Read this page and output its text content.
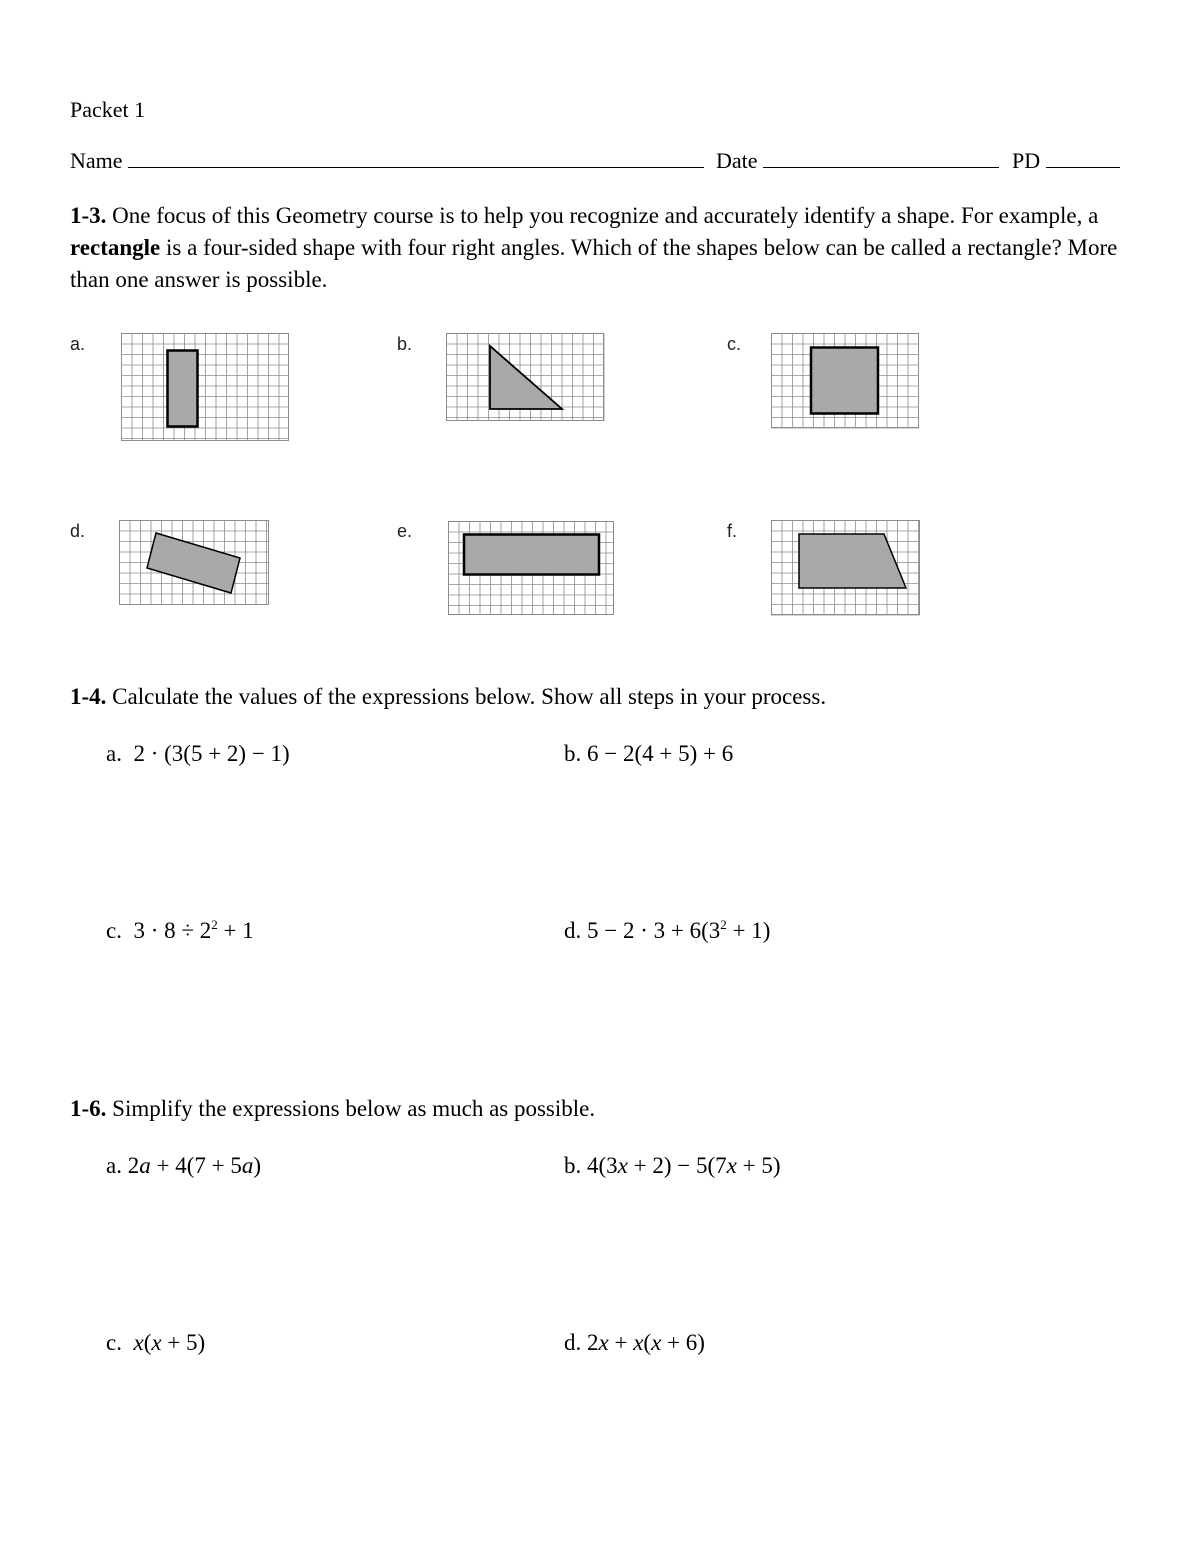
Packet 1
Name	Date	PD
1-3. One focus of this Geometry course is to help you recognize and accurately identify a shape. For example, a rectangle is a four-sided shape with four right angles. Which of the shapes below can be called a rectangle? More than one answer is possible.
a.	b.	c.
d.	e.	f.
1-4. Calculate the values of the expressions below. Show all steps in your process.
a. 2 · (3(5 + 2) − 1)	b. 6 − 2(4 + 5) + 6
c. $3 \cdot 8 \div 2^2 + 1$	d. $5 - 2 \cdot 3 + 6(3^2 + 1)$
1-6. Simplify the expressions below as much as possible.
a. 2a + 4(7 + 5a)	b. 4(3x + 2) − 5(7x + 5)
c. x(x + 5)	d. 2x + x(x + 6)
